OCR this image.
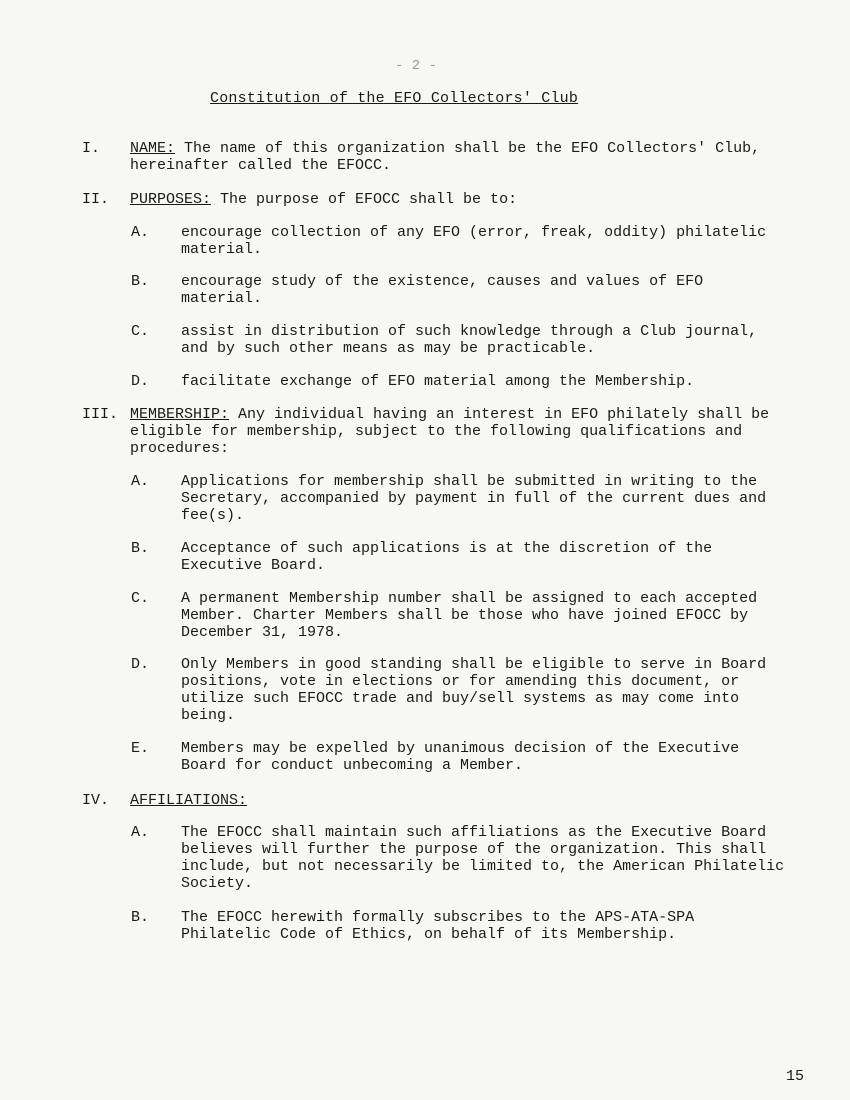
- 2 -
Constitution of the EFO Collectors' Club
I. NAME: The name of this organization shall be the EFO Collectors' Club, hereinafter called the EFOCC.
II. PURPOSES: The purpose of EFOCC shall be to:
A. encourage collection of any EFO (error, freak, oddity) philatelic material.
B. encourage study of the existence, causes and values of EFO material.
C. assist in distribution of such knowledge through a Club journal, and by such other means as may be practicable.
D. facilitate exchange of EFO material among the Membership.
III. MEMBERSHIP: Any individual having an interest in EFO philately shall be eligible for membership, subject to the following qualifications and procedures:
A. Applications for membership shall be submitted in writing to the Secretary, accompanied by payment in full of the current dues and fee(s).
B. Acceptance of such applications is at the discretion of the Executive Board.
C. A permanent Membership number shall be assigned to each accepted Member. Charter Members shall be those who have joined EFOCC by December 31, 1978.
D. Only Members in good standing shall be eligible to serve in Board positions, vote in elections or for amending this document, or utilize such EFOCC trade and buy/sell systems as may come into being.
E. Members may be expelled by unanimous decision of the Executive Board for conduct unbecoming a Member.
IV. AFFILIATIONS:
A. The EFOCC shall maintain such affiliations as the Executive Board believes will further the purpose of the organization. This shall include, but not necessarily be limited to, the American Philatelic Society.
B. The EFOCC herewith formally subscribes to the APS-ATA-SPA Philatelic Code of Ethics, on behalf of its Membership.
15
